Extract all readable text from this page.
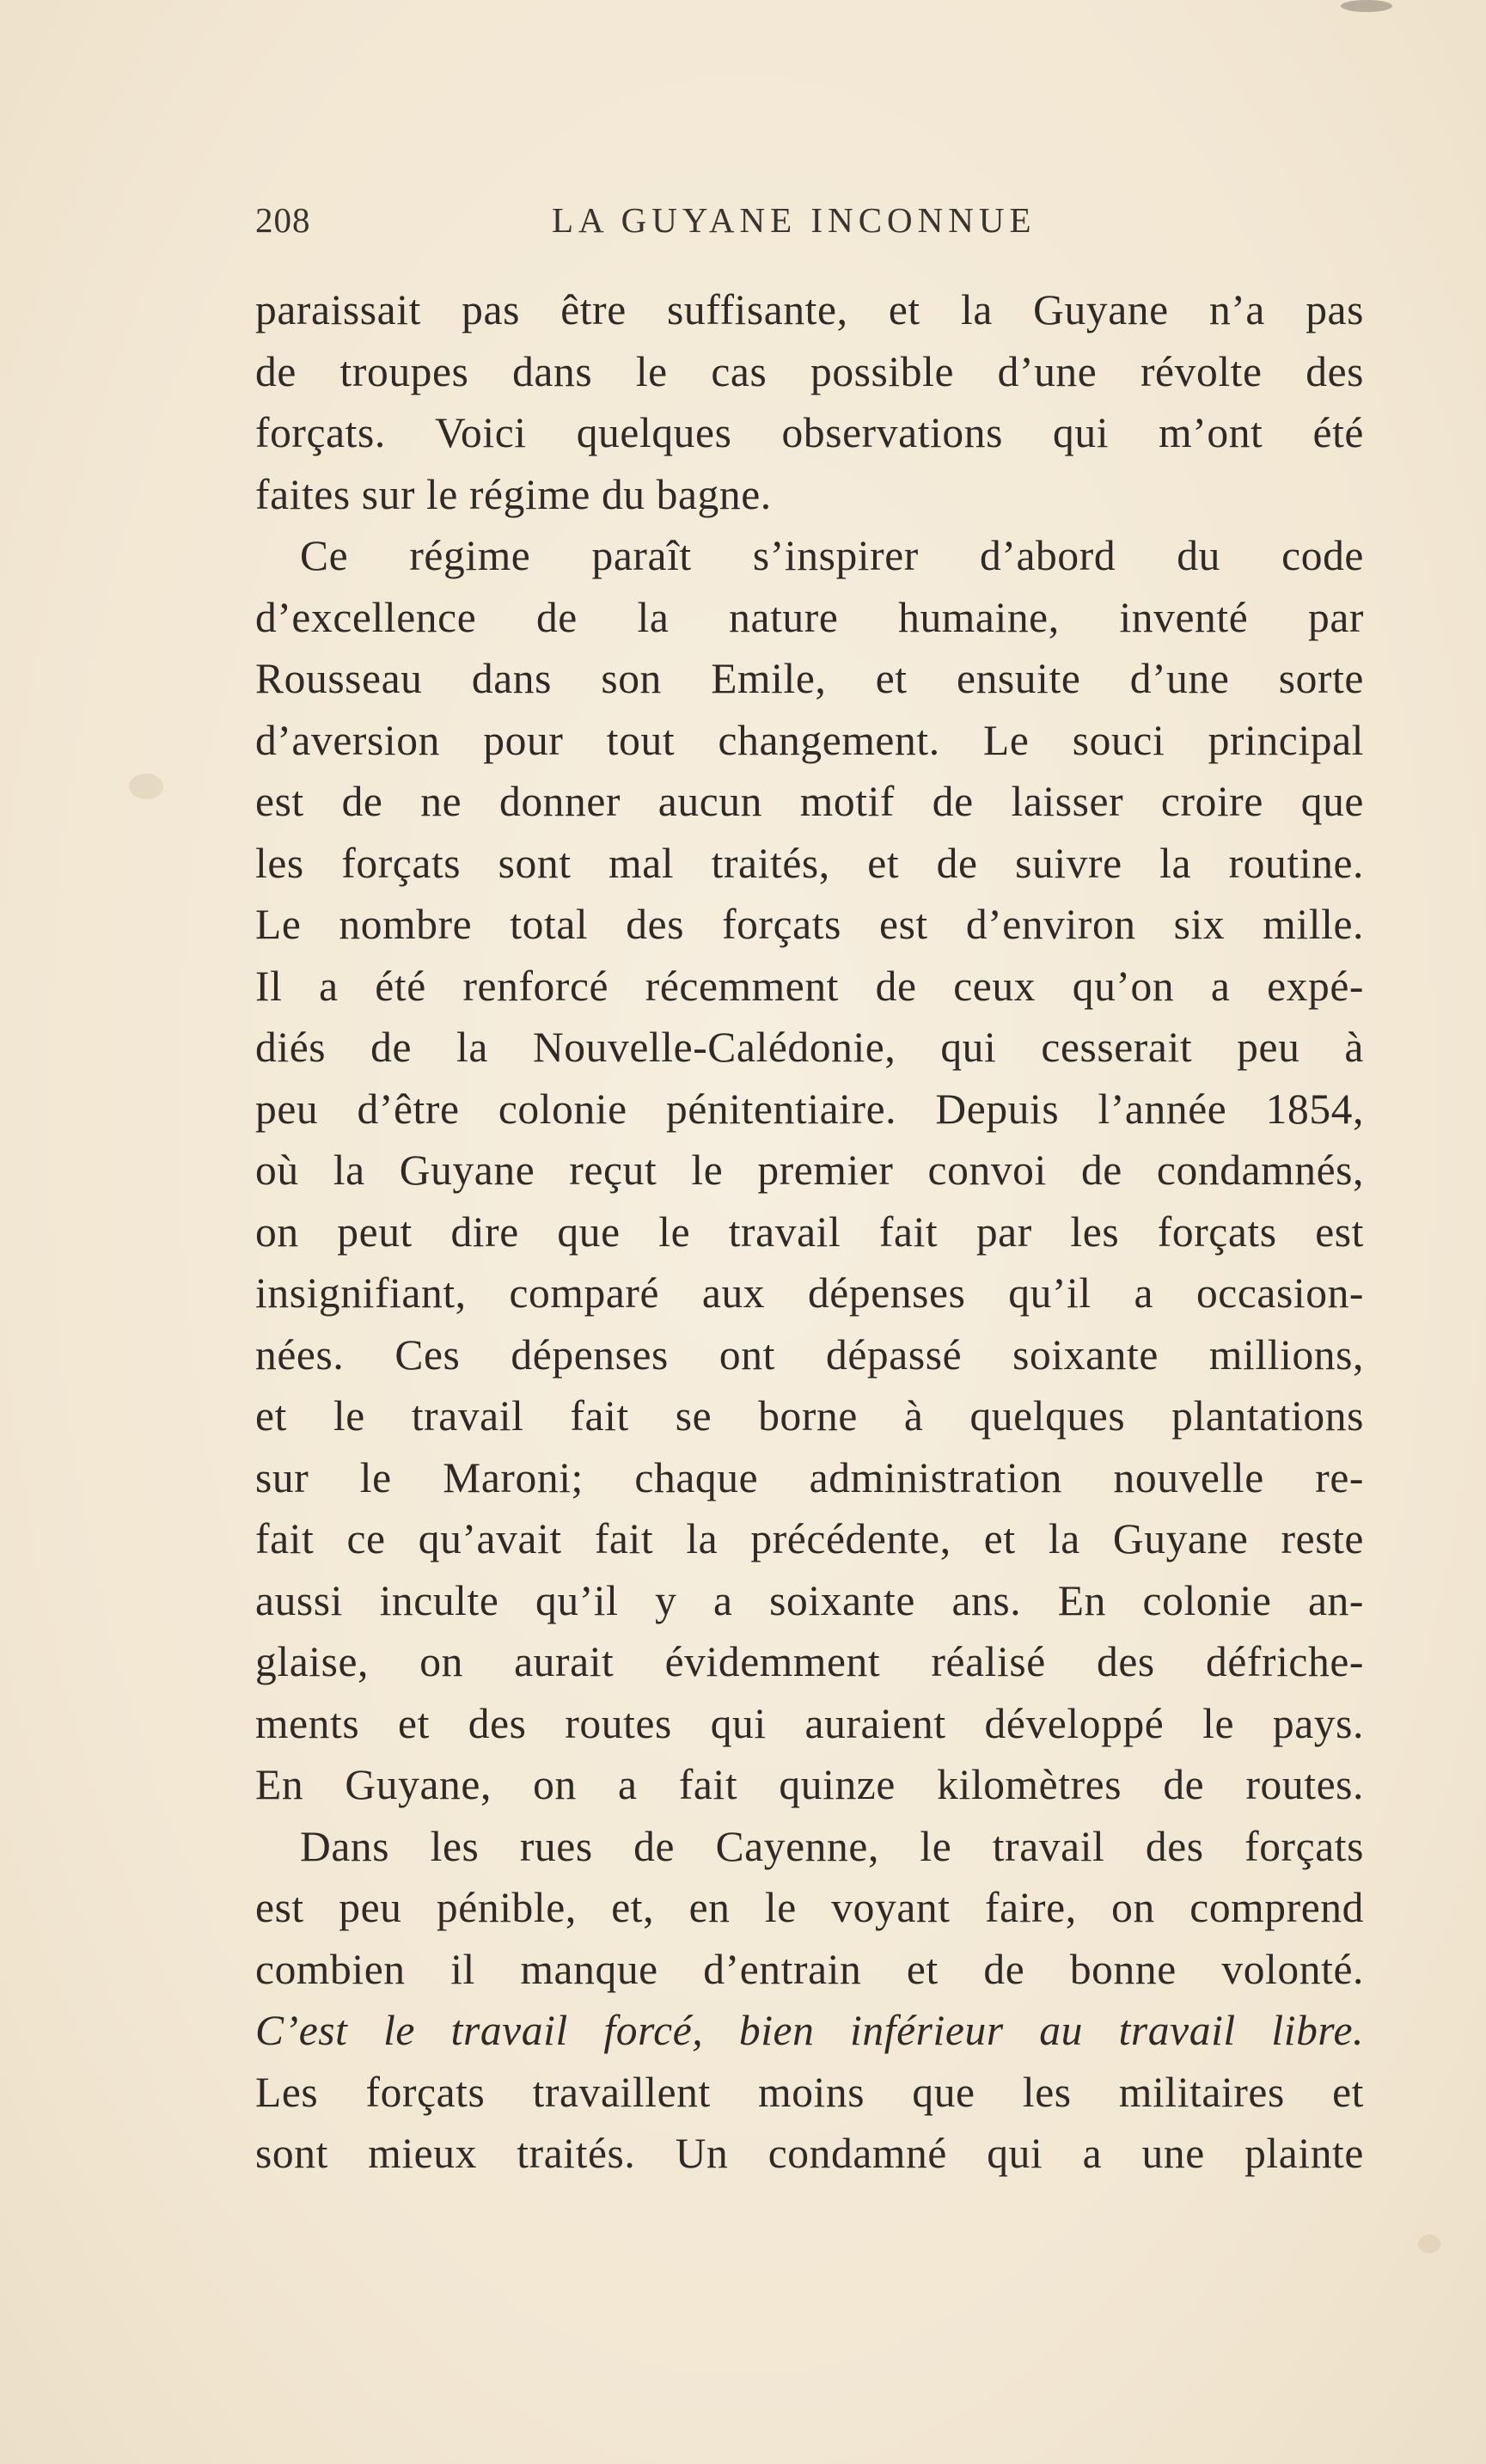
208	LA GUYANE INCONNUE
paraissait pas être suffisante, et la Guyane n’a pas
de troupes dans le cas possible d’une révolte des
forçats. Voici quelques observations qui m’ont été
faites sur le régime du bagne.
Ce régime paraît s’inspirer d’abord du code
d’excellence de la nature humaine, inventé par
Rousseau dans son Emile, et ensuite d’une sorte
d’aversion pour tout changement. Le souci principal
est de ne donner aucun motif de laisser croire que
les forçats sont mal traités, et de suivre la routine.
Le nombre total des forçats est d’environ six mille.
Il a été renforcé récemment de ceux qu’on a expé-
diés de la Nouvelle-Calédonie, qui cesserait peu à
peu d’être colonie pénitentiaire. Depuis l’année 1854,
où la Guyane reçut le premier convoi de condamnés,
on peut dire que le travail fait par les forçats est
insignifiant, comparé aux dépenses qu’il a occasion-
nées. Ces dépenses ont dépassé soixante millions,
et le travail fait se borne à quelques plantations
sur le Maroni; chaque administration nouvelle re-
fait ce qu’avait fait la précédente, et la Guyane reste
aussi inculte qu’il y a soixante ans. En colonie an-
glaise, on aurait évidemment réalisé des défriche-
ments et des routes qui auraient développé le pays.
En Guyane, on a fait quinze kilomètres de routes.
Dans les rues de Cayenne, le travail des forçats
est peu pénible, et, en le voyant faire, on comprend
combien il manque d’entrain et de bonne volonté.
C’est le travail forcé, bien inférieur au travail libre.
Les forçats travaillent moins que les militaires et
sont mieux traités. Un condamné qui a une plainte
